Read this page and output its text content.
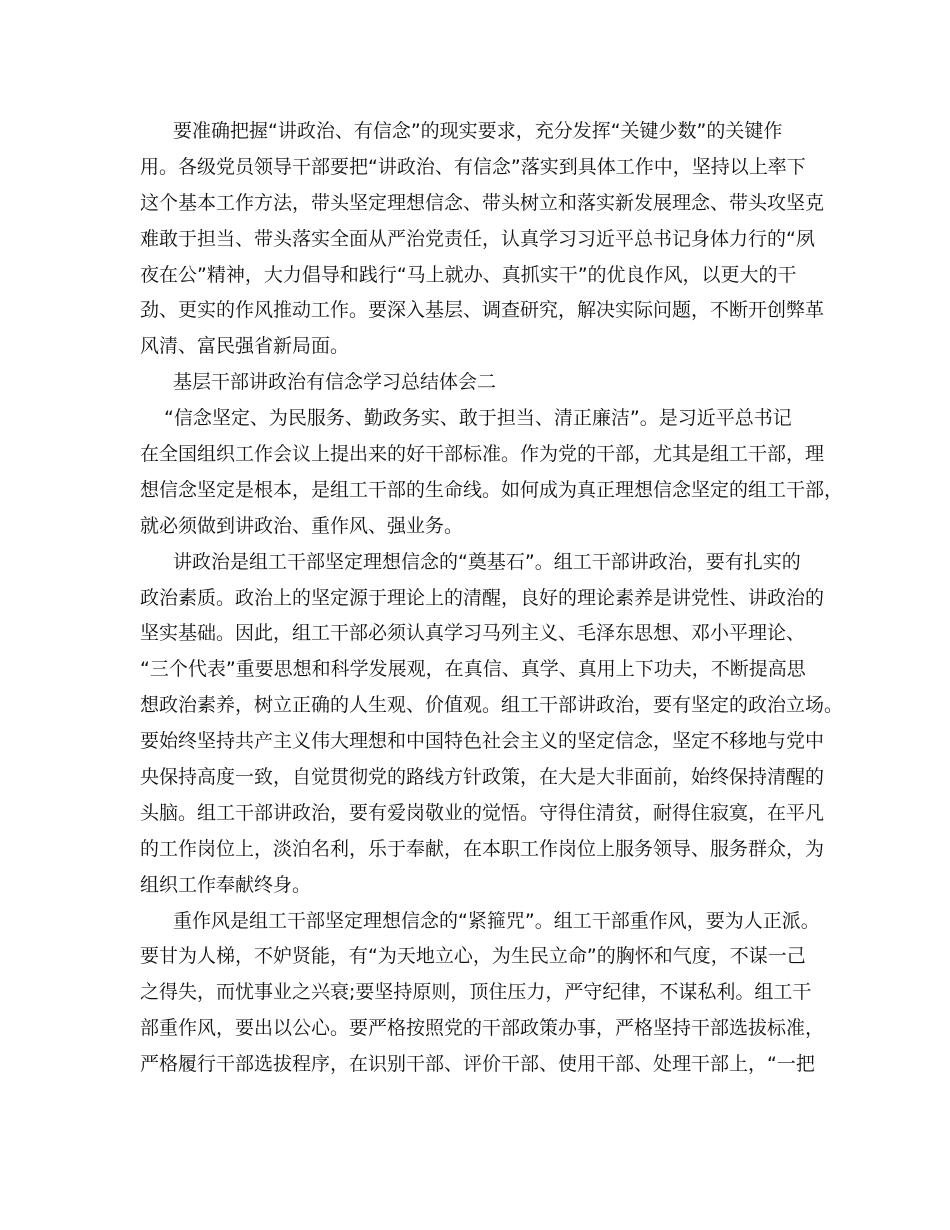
要准确把握“讲政治、有信念”的现实要求，充分发挥“关键少数”的关键作
用。各级党员领导干部要把“讲政治、有信念”落实到具体工作中，坚持以上率下
这个基本工作方法，带头坚定理想信念、带头树立和落实新发展理念、带头攻坚克
难敢于担当、带头落实全面从严治党责任，认真学习习近平总书记身体力行的“夙
夜在公”精神，大力倡导和践行“马上就办、真抓实干”的优良作风，以更大的干
劲、更实的作风推动工作。要深入基层、调查研究，解决实际问题，不断开创弊革
风清、富民强省新局面。
基层干部讲政治有信念学习总结体会二
“信念坚定、为民服务、勤政务实、敢于担当、清正廉洁”。是习近平总书记
在全国组织工作会议上提出来的好干部标准。作为党的干部，尤其是组工干部，理
想信念坚定是根本，是组工干部的生命线。如何成为真正理想信念坚定的组工干部，
就必须做到讲政治、重作风、强业务。
讲政治是组工干部坚定理想信念的“奠基石”。组工干部讲政治，要有扎实的
政治素质。政治上的坚定源于理论上的清醒，良好的理论素养是讲党性、讲政治的
坚实基础。因此，组工干部必须认真学习马列主义、毛泽东思想、邓小平理论、
“三个代表”重要思想和科学发展观，在真信、真学、真用上下功夫，不断提高思
想政治素养，树立正确的人生观、价值观。组工干部讲政治，要有坚定的政治立场。
要始终坚持共产主义伟大理想和中国特色社会主义的坚定信念，坚定不移地与党中
央保持高度一致，自觉贯彻党的路线方针政策，在大是大非面前，始终保持清醒的
头脑。组工干部讲政治，要有爱岗敬业的觉悟。守得住清贫，耐得住寂寞，在平凡
的工作岗位上，淡泊名利，乐于奉献，在本职工作岗位上服务领导、服务群众，为
组织工作奉献终身。
重作风是组工干部坚定理想信念的“紧箍咒”。组工干部重作风，要为人正派。
要甘为人梯，不妒贤能，有“为天地立心，为生民立命”的胸怀和气度，不谋一己
之得失，而忧事业之兴衰;要坚持原则，顶住压力，严守纪律，不谋私利。组工干
部重作风，要出以公心。要严格按照党的干部政策办事，严格坚持干部选拔标准，
严格履行干部选拔程序，在识别干部、评价干部、使用干部、处理干部上，“一把
